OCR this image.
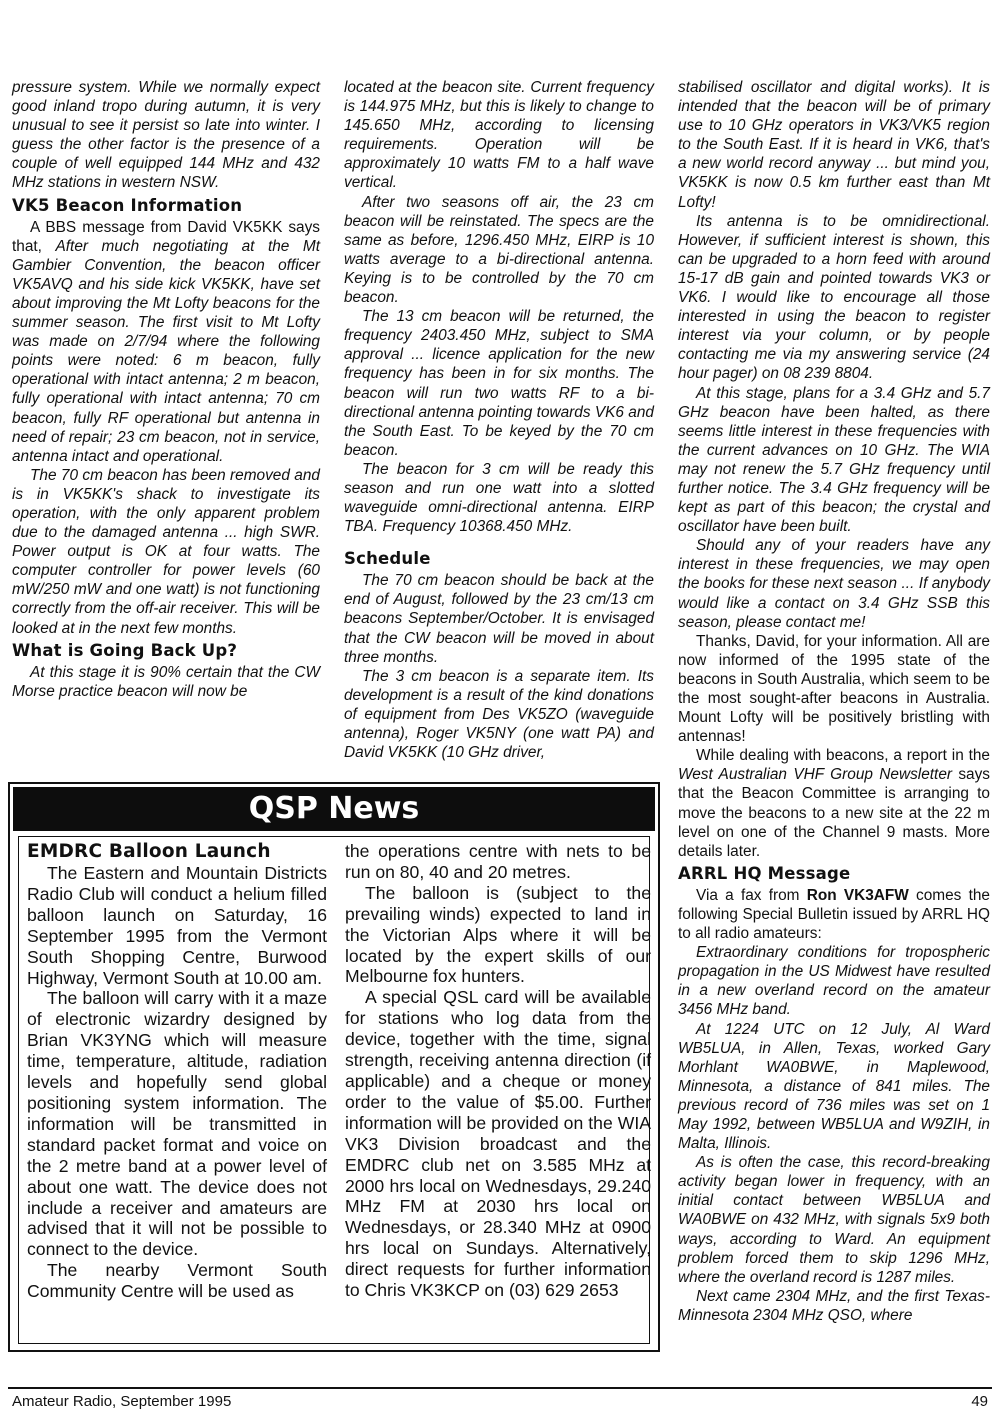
pressure system. While we normally expect good inland tropo during autumn, it is very unusual to see it persist so late into winter. I guess the other factor is the presence of a couple of well equipped 144 MHz and 432 MHz stations in western NSW.

VK5 Beacon Information

A BBS message from David VK5KK says that, After much negotiating at the Mt Gambier Convention, the beacon officer VK5AVQ and his side kick VK5KK, have set about improving the Mt Lofty beacons for the summer season. The first visit to Mt Lofty was made on 2/7/94 where the following points were noted: 6 m beacon, fully operational with intact antenna; 2 m beacon, fully operational with intact antenna; 70 cm beacon, fully RF operational but antenna in need of repair; 23 cm beacon, not in service, antenna intact and operational.

The 70 cm beacon has been removed and is in VK5KK's shack to investigate its operation, with the only apparent problem due to the damaged antenna ... high SWR. Power output is OK at four watts. The computer controller for power levels (60 mW/250 mW and one watt) is not functioning correctly from the off-air receiver. This will be looked at in the next few months.

What is Going Back Up?

At this stage it is 90% certain that the CW Morse practice beacon will now be

located at the beacon site. Current frequency is 144.975 MHz, but this is likely to change to 145.650 MHz, according to licensing requirements. Operation will be approximately 10 watts FM to a half wave vertical.

After two seasons off air, the 23 cm beacon will be reinstated. The specs are the same as before, 1296.450 MHz, EIRP is 10 watts average to a bi-directional antenna. Keying is to be controlled by the 70 cm beacon.

The 13 cm beacon will be returned, the frequency 2403.450 MHz, subject to SMA approval ... licence application for the new frequency has been in for six months. The beacon will run two watts RF to a bi-directional antenna pointing towards VK6 and the South East. To be keyed by the 70 cm beacon.

The beacon for 3 cm will be ready this season and run one watt into a slotted waveguide omni-directional antenna. EIRP TBA. Frequency 10368.450 MHz.

Schedule

The 70 cm beacon should be back at the end of August, followed by the 23 cm/13 cm beacons September/October. It is envisaged that the CW beacon will be moved in about three months.

The 3 cm beacon is a separate item. Its development is a result of the kind donations of equipment from Des VK5ZO (waveguide antenna), Roger VK5NY (one watt PA) and David VK5KK (10 GHz driver,

stabilised oscillator and digital works). It is intended that the beacon will be of primary use to 10 GHz operators in VK3/VK5 region to the South East. If it is heard in VK6, that's a new world record anyway ... but mind you, VK5KK is now 0.5 km further east than Mt Lofty!

Its antenna is to be omnidirectional. However, if sufficient interest is shown, this can be upgraded to a horn feed with around 15-17 dB gain and pointed towards VK3 or VK6. I would like to encourage all those interested in using the beacon to register interest via your column, or by people contacting me via my answering service (24 hour pager) on 08 239 8804.

At this stage, plans for a 3.4 GHz and 5.7 GHz beacon have been halted, as there seems little interest in these frequencies with the current advances on 10 GHz. The WIA may not renew the 5.7 GHz frequency until further notice. The 3.4 GHz frequency will be kept as part of this beacon; the crystal and oscillator have been built.

Should any of your readers have any interest in these frequencies, we may open the books for these next season ... If anybody would like a contact on 3.4 GHz SSB this season, please contact me!

Thanks, David, for your information. All are now informed of the 1995 state of the beacons in South Australia, which seem to be the most sought-after beacons in Australia. Mount Lofty will be positively bristling with antennas!

While dealing with beacons, a report in the West Australian VHF Group Newsletter says that the Beacon Committee is arranging to move the beacons to a new site at the 22 m level on one of the Channel 9 masts. More details later.

ARRL HQ Message

Via a fax from Ron VK3AFW comes the following Special Bulletin issued by ARRL HQ to all radio amateurs:

Extraordinary conditions for tropospheric propagation in the US Midwest have resulted in a new overland record on the amateur 3456 MHz band.

At 1224 UTC on 12 July, Al Ward WB5LUA, in Allen, Texas, worked Gary Morhlant WA0BWE, in Maplewood, Minnesota, a distance of 841 miles. The previous record of 736 miles was set on 1 May 1992, between WB5LUA and W9ZIH, in Malta, Illinois.

As is often the case, this record-breaking activity began lower in frequency, with an initial contact between WB5LUA and WA0BWE on 432 MHz, with signals 5x9 both ways, according to Ward. An equipment problem forced them to skip 1296 MHz, where the overland record is 1287 miles.

Next came 2304 MHz, and the first Texas-Minnesota 2304 MHz QSO, where

QSP News
EMDRC Balloon Launch

The Eastern and Mountain Districts Radio Club will conduct a helium filled balloon launch on Saturday, 16 September 1995 from the Vermont South Shopping Centre, Burwood Highway, Vermont South at 10.00 am.

The balloon will carry with it a maze of electronic wizardry designed by Brian VK3YNG which will measure time, temperature, altitude, radiation levels and hopefully send global positioning system information. The information will be transmitted in standard packet format and voice on the 2 metre band at a power level of about one watt. The device does not include a receiver and amateurs are advised that it will not be possible to connect to the device.

The nearby Vermont South Community Centre will be used as

the operations centre with nets to be run on 80, 40 and 20 metres.

The balloon is (subject to the prevailing winds) expected to land in the Victorian Alps where it will be located by the expert skills of our Melbourne fox hunters.

A special QSL card will be available for stations who log data from the device, together with the time, signal strength, receiving antenna direction (if applicable) and a cheque or money order to the value of $5.00. Further information will be provided on the WIA VK3 Division broadcast and the EMDRC club net on 3.585 MHz at 2000 hrs local on Wednesdays, 29.240 MHz FM at 2030 hrs local on Wednesdays, or 28.340 MHz at 0900 hrs local on Sundays. Alternatively, direct requests for further information to Chris VK3KCP on (03) 629 2653

Amateur Radio, September 1995	49
